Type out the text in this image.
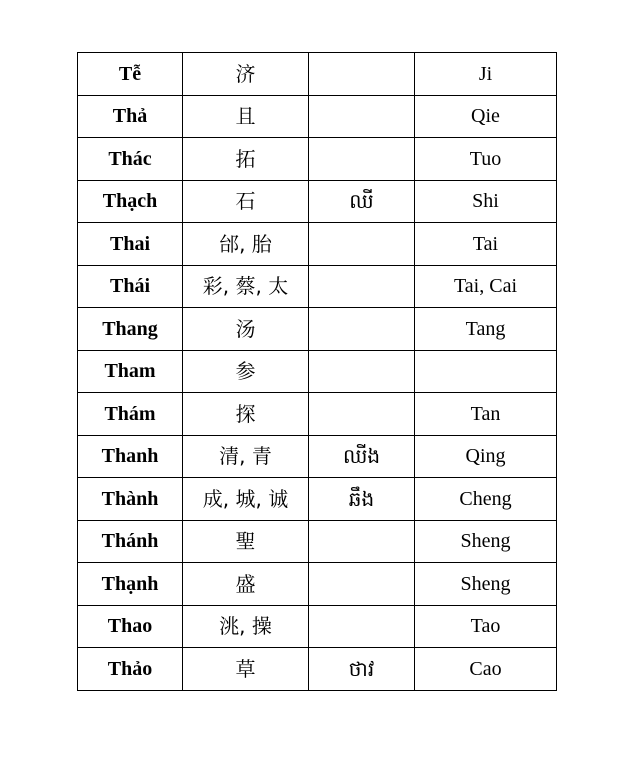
Tễ	济		Ji
Thả	且		Qie
Thác	拓		Tuo
Thạch	石	ឈី	Shi
Thai	邰, 胎		Tai
Thái	彩, 蔡, 太		Tai, Cai
Thang	汤		Tang
Tham	参		
Thám	探		Tan
Thanh	清, 青	ឈីង	Qing
Thành	成, 城, 诚	ឆឹង	Cheng
Thánh	聖		Sheng
Thạnh	盛		Sheng
Thao	洮, 操		Tao
Thảo	草	ថាវ	Cao
